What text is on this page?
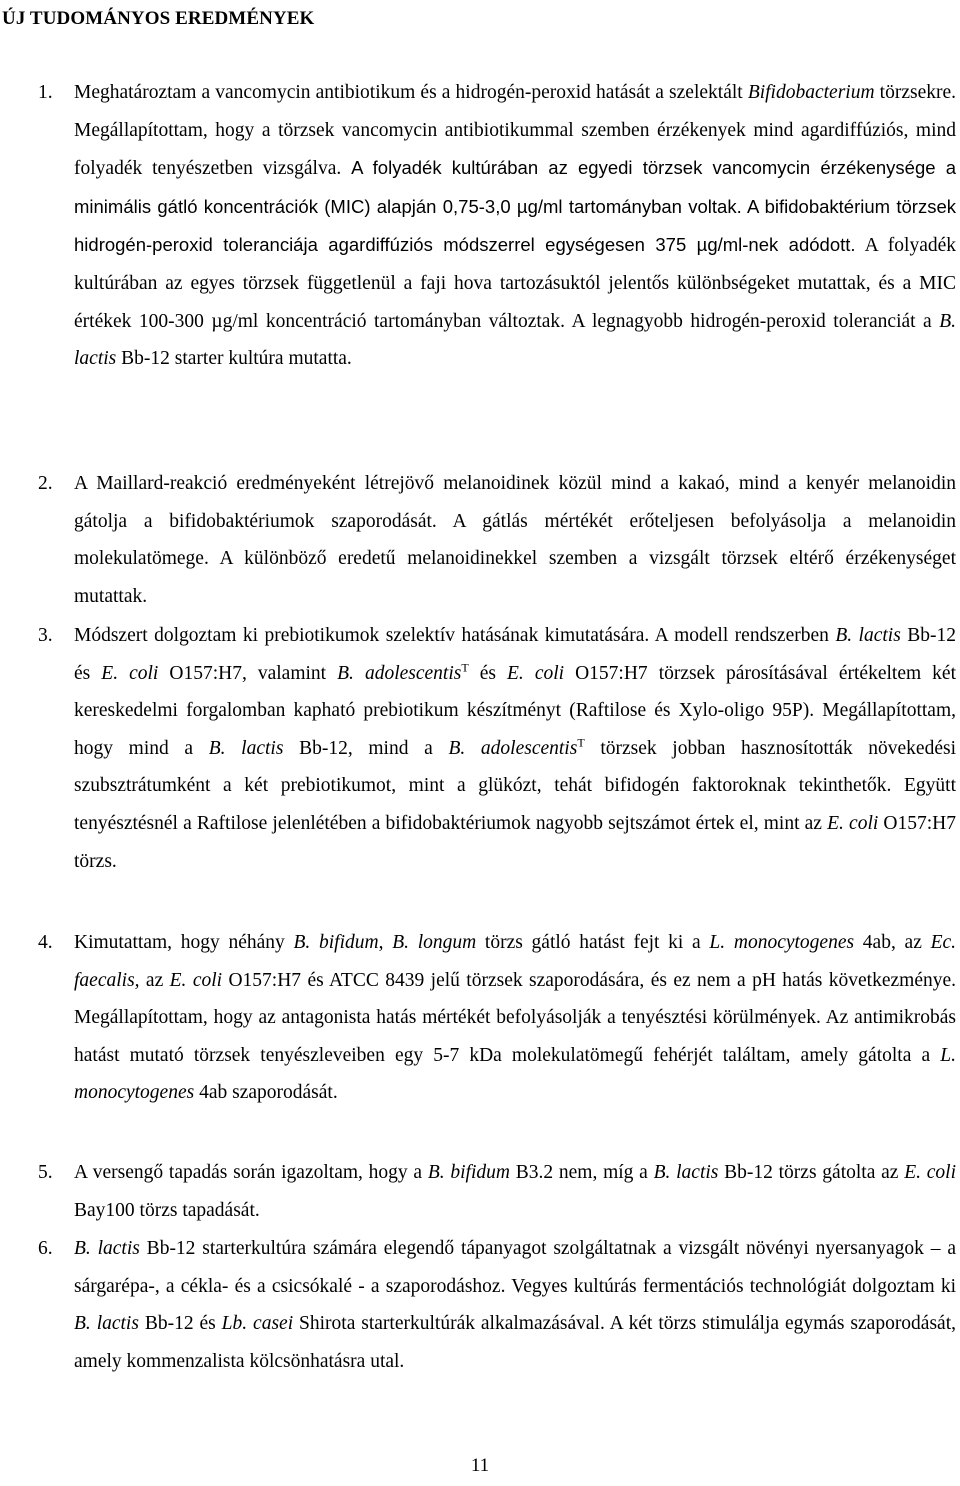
ÚJ TUDOMÁNYOS EREDMÉNYEK
1. Meghatároztam a vancomycin antibiotikum és a hidrogén-peroxid hatását a szelektált Bifidobacterium törzsekre. Megállapítottam, hogy a törzsek vancomycin antibiotikummal szemben érzékenyek mind agardiffúziós, mind folyadék tenyészetben vizsgálva. A folyadék kultúrában az egyedi törzsek vancomycin érzékenysége a minimális gátló koncentrációk (MIC) alapján 0,75-3,0 µg/ml tartományban voltak. A bifidobaktérium törzsek hidrogén-peroxid toleranciája agardiffúziós módszerrel egységesen 375 µg/ml-nek adódott. A folyadék kultúrában az egyes törzsek függetlenül a faji hova tartozásuktól jelentős különbségeket mutattak, és a MIC értékek 100-300 µg/ml koncentráció tartományban változtak. A legnagyobb hidrogén-peroxid toleranciát a B. lactis Bb-12 starter kultúra mutatta.
2. A Maillard-reakció eredményeként létrejövő melanoidinek közül mind a kakaó, mind a kenyér melanoidin gátolja a bifidobaktériumok szaporodását. A gátlás mértékét erőteljesen befolyásolja a melanoidin molekulatömege. A különböző eredetű melanoidinekkel szemben a vizsgált törzsek eltérő érzékenységet mutattak.
3. Módszert dolgoztam ki prebiotikumok szelektív hatásának kimutatására. A modell rendszerben B. lactis Bb-12 és E. coli O157:H7, valamint B. adolescentis$^T$ és E. coli O157:H7 törzsek párosításával értékeltem két kereskedelmi forgalomban kapható prebiotikum készítményt (Raftilose és Xylo-oligo 95P). Megállapítottam, hogy mind a B. lactis Bb-12, mind a B. adolescentis$^T$ törzsek jobban hasznosították növekedési szubsztrátumként a két prebiotikumot, mint a glükózt, tehát bifidogén faktoroknak tekinthetők. Együtt tenyésztésnél a Raftilose jelenlétében a bifidobaktériumok nagyobb sejtszámot értek el, mint az E. coli O157:H7 törzs.
4. Kimutattam, hogy néhány B. bifidum, B. longum törzs gátló hatást fejt ki a L. monocytogenes 4ab, az Ec. faecalis, az E. coli O157:H7 és ATCC 8439 jelű törzsek szaporodására, és ez nem a pH hatás következménye. Megállapítottam, hogy az antagonista hatás mértékét befolyásolják a tenyésztési körülmények. Az antimikrobás hatást mutató törzsek tenyészleveiben egy 5-7 kDa molekulatömegű fehérjét találtam, amely gátolta a L. monocytogenes 4ab szaporodását.
5. A versengő tapadás során igazoltam, hogy a B. bifidum B3.2 nem, míg a B. lactis Bb-12 törzs gátolta az E. coli Bay100 törzs tapadását.
6. B. lactis Bb-12 starterkultúra számára elegendő tápanyagot szolgáltatnak a vizsgált növényi nyersanyagok – a sárgarépa-, a cékla- és a csicsókalé - a szaporodáshoz. Vegyes kultúrás fermentációs technológiát dolgoztam ki B. lactis Bb-12 és Lb. casei Shirota starterkultúrák alkalmazásával. A két törzs stimulálja egymás szaporodását, amely kommenzalista kölcsönhatásra utal.
11
